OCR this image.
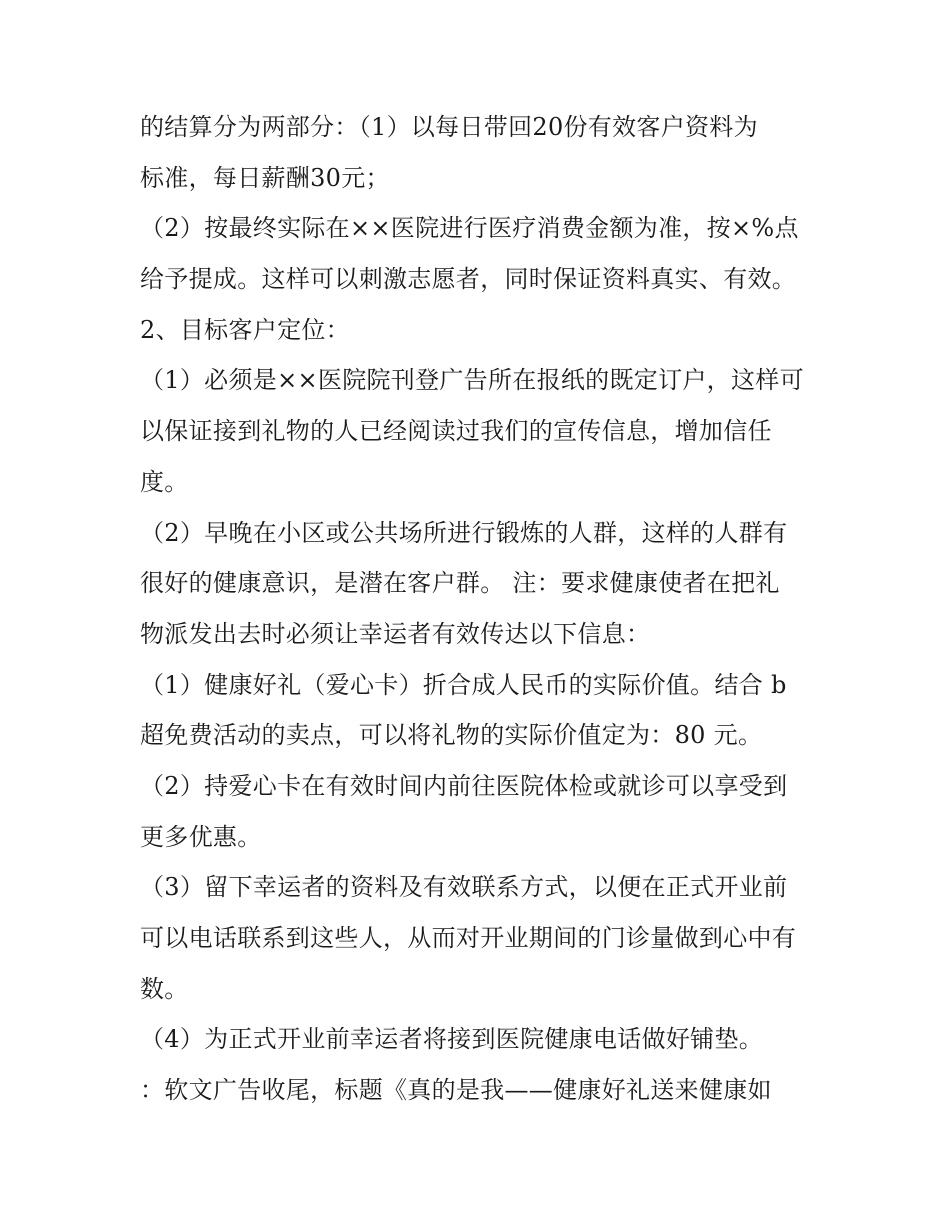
的结算分为两部分：（1）以每日带回20份有效客户资料为
标准，每日薪酬30元；
（2）按最终实际在××医院进行医疗消费金额为准，按×%点
给予提成。这样可以刺激志愿者，同时保证资料真实、有效。
2、目标客户定位：
（1）必须是××医院院刊登广告所在报纸的既定订户，这样可
以保证接到礼物的人已经阅读过我们的宣传信息，增加信任
度。
（2）早晚在小区或公共场所进行锻炼的人群，这样的人群有
很好的健康意识，是潜在客户群。 注：要求健康使者在把礼
物派发出去时必须让幸运者有效传达以下信息：
（1）健康好礼（爱心卡）折合成人民币的实际价值。结合 b
超免费活动的卖点，可以将礼物的实际价值定为：80 元。
（2）持爱心卡在有效时间内前往医院体检或就诊可以享受到
更多优惠。
（3）留下幸运者的资料及有效联系方式，以便在正式开业前
可以电话联系到这些人，从而对开业期间的门诊量做到心中有
数。
（4）为正式开业前幸运者将接到医院健康电话做好铺垫。
：软文广告收尾，标题《真的是我——健康好礼送来健康如
